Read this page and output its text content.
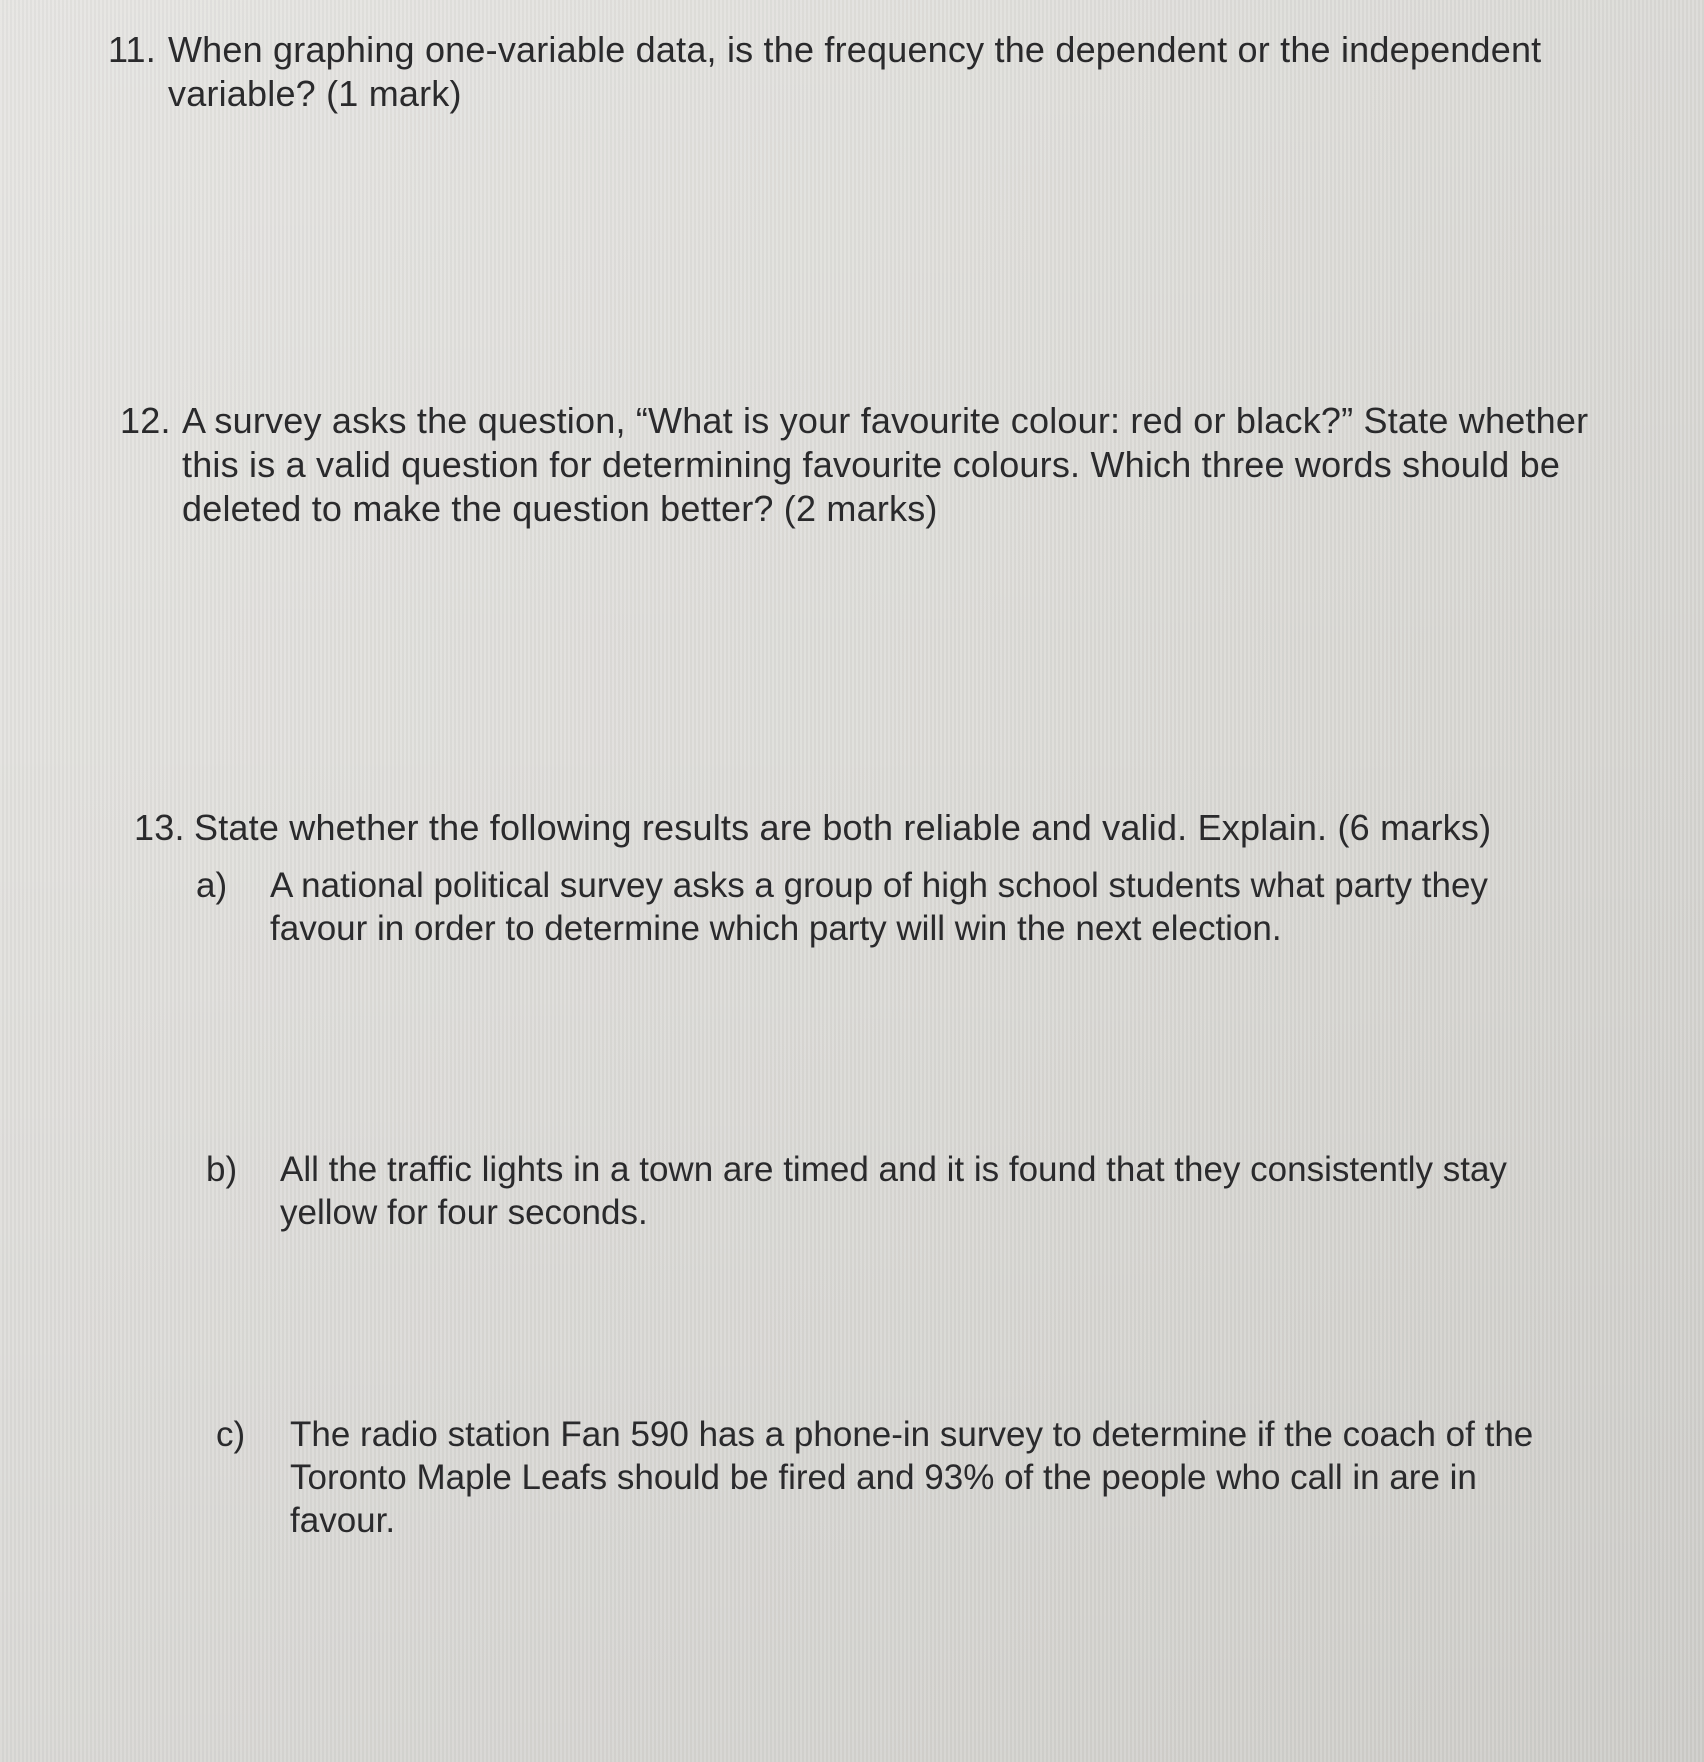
11. When graphing one-variable data, is the frequency the dependent or the independent variable? (1 mark)
12. A survey asks the question, “What is your favourite colour: red or black?” State whether this is a valid question for determining favourite colours. Which three words should be deleted to make the question better? (2 marks)
13. State whether the following results are both reliable and valid. Explain. (6 marks)
a)	A national political survey asks a group of high school students what party they favour in order to determine which party will win the next election.
b)	All the traffic lights in a town are timed and it is found that they consistently stay yellow for four seconds.
c)	The radio station Fan 590 has a phone-in survey to determine if the coach of the Toronto Maple Leafs should be fired and 93% of the people who call in are in favour.
